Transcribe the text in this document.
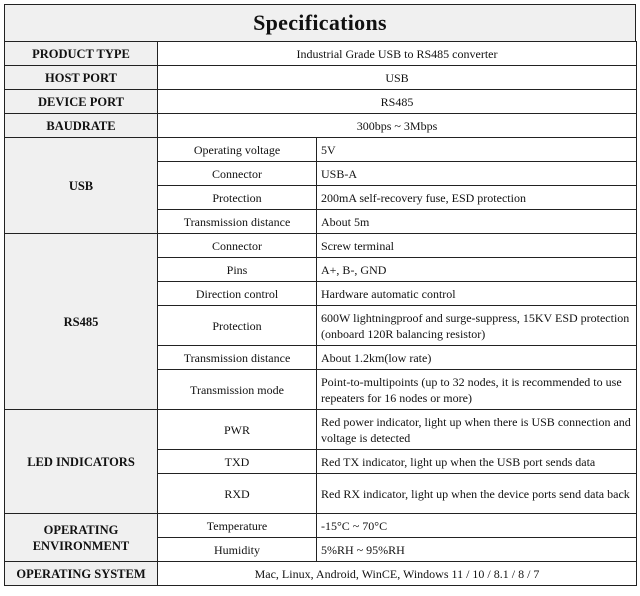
Specifications
PRODUCT TYPE	Industrial Grade USB to RS485 converter	
HOST PORT	USB	
DEVICE PORT	RS485	
BAUDRATE	300bps ~ 3Mbps	
USB	Operating voltage	5V
	Connector	USB-A
	Protection	200mA self-recovery fuse, ESD protection
	Transmission distance	About 5m
RS485	Connector	Screw terminal
	Pins	A+, B-, GND
	Direction control	Hardware automatic control
	Protection	600W lightningproof and surge-suppress, 15KV ESD protection (onboard 120R balancing resistor)
	Transmission distance	About 1.2km(low rate)
	Transmission mode	Point-to-multipoints (up to 32 nodes, it is recommended to use repeaters for 16 nodes or more)
LED INDICATORS	PWR	Red power indicator, light up when there is USB connection and voltage is detected
	TXD	Red TX indicator, light up when the USB port sends data
	RXD	Red RX indicator, light up when the device ports send data back
OPERATING ENVIRONMENT	Temperature	-15°C ~ 70°C
	Humidity	5%RH ~ 95%RH
OPERATING SYSTEM	Mac, Linux, Android, WinCE, Windows 11 / 10 / 8.1 / 8 / 7	
